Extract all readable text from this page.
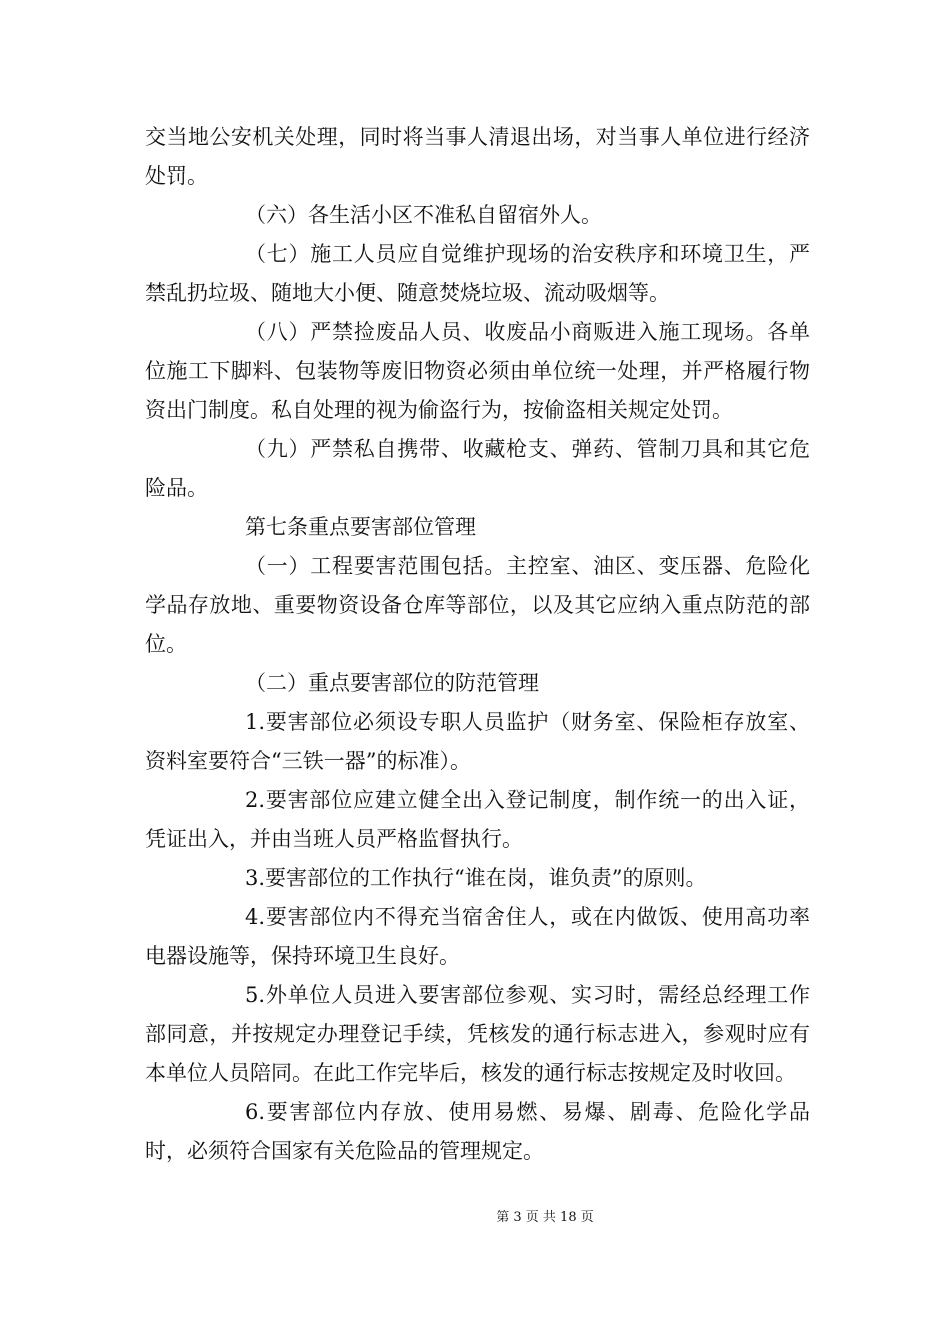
交当地公安机关处理，同时将当事人清退出场，对当事人单位进行经济处罚。

（六）各生活小区不准私自留宿外人。

（七）施工人员应自觉维护现场的治安秩序和环境卫生，严禁乱扔垃圾、随地大小便、随意焚烧垃圾、流动吸烟等。

（八）严禁捡废品人员、收废品小商贩进入施工现场。各单位施工下脚料、包装物等废旧物资必须由单位统一处理，并严格履行物资出门制度。私自处理的视为偷盗行为，按偷盗相关规定处罚。

（九）严禁私自携带、收藏枪支、弹药、管制刀具和其它危险品。

第七条重点要害部位管理

（一）工程要害范围包括。主控室、油区、变压器、危险化学品存放地、重要物资设备仓库等部位，以及其它应纳入重点防范的部位。

（二）重点要害部位的防范管理

1.要害部位必须设专职人员监护（财务室、保险柜存放室、资料室要符合“三铁一器”的标准）。

2.要害部位应建立健全出入登记制度，制作统一的出入证，凭证出入，并由当班人员严格监督执行。

3.要害部位的工作执行“谁在岗，谁负责”的原则。

4.要害部位内不得充当宿舍住人，或在内做饭、使用高功率电器设施等，保持环境卫生良好。

5.外单位人员进入要害部位参观、实习时，需经总经理工作部同意，并按规定办理登记手续，凭核发的通行标志进入，参观时应有本单位人员陪同。在此工作完毕后，核发的通行标志按规定及时收回。

6.要害部位内存放、使用易燃、易爆、剧毒、危险化学品时，必须符合国家有关危险品的管理规定。

第 3 页 共 18 页
